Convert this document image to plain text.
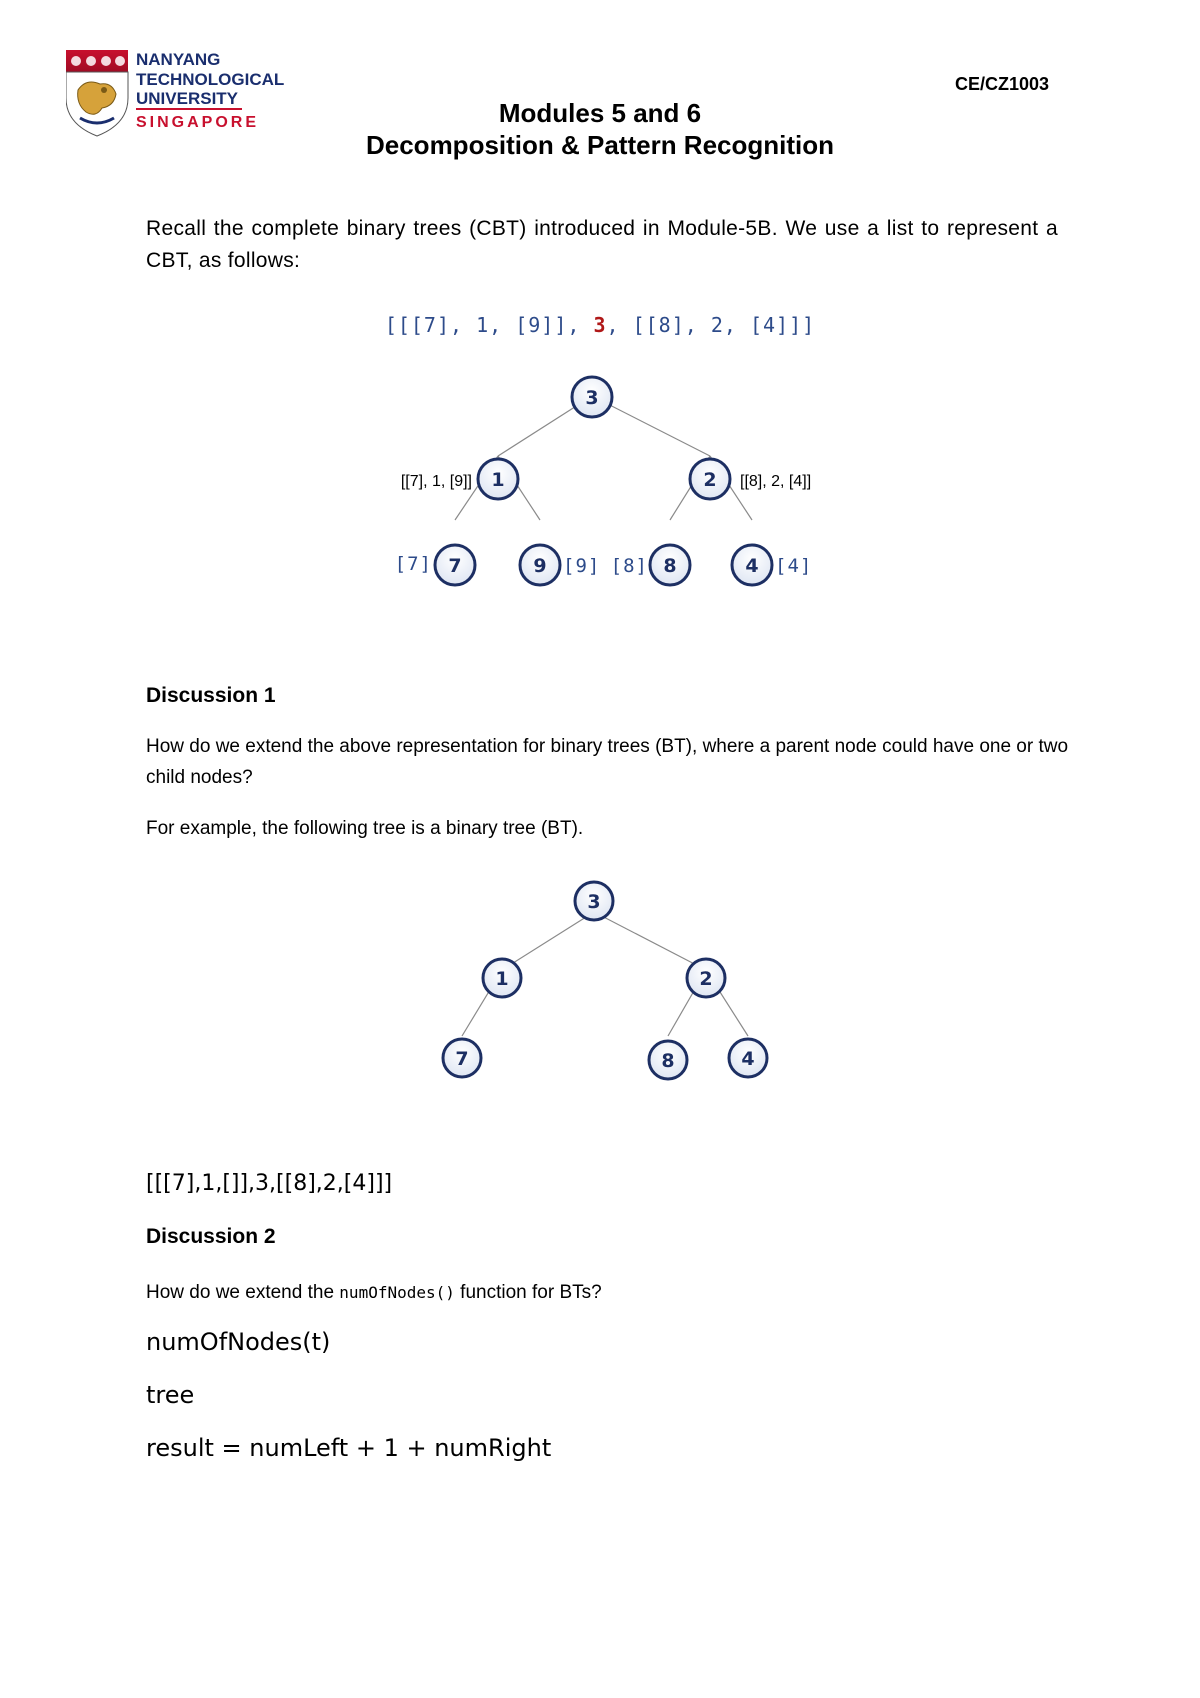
NANYANG
TECHNOLOGICAL
UNIVERSITY
SINGAPORE
CE/CZ1003
Modules 5 and 6
Decomposition & Pattern Recognition
Recall the complete binary trees (CBT) introduced in Module-5B. We use a list to represent a CBT, as follows:
[[[7], 1, [9]], 3, [[8], 2, [4]]]
3
1	2
7	9	8	4
[[7], 1, [9]]	[[8], 2, [4]]
[7]	[9] [8]	[4]
Discussion 1
How do we extend the above representation for binary trees (BT), where a parent node could have one or two child nodes?
For example, the following tree is a binary tree (BT).
3
1	2
7	8	4
[[[7],1,[]],3,[[8],2,[4]]]
Discussion 2
How do we extend the numOfNodes() function for BTs?
numOfNodes(t)
tree
result = numLeft + 1 + numRight
